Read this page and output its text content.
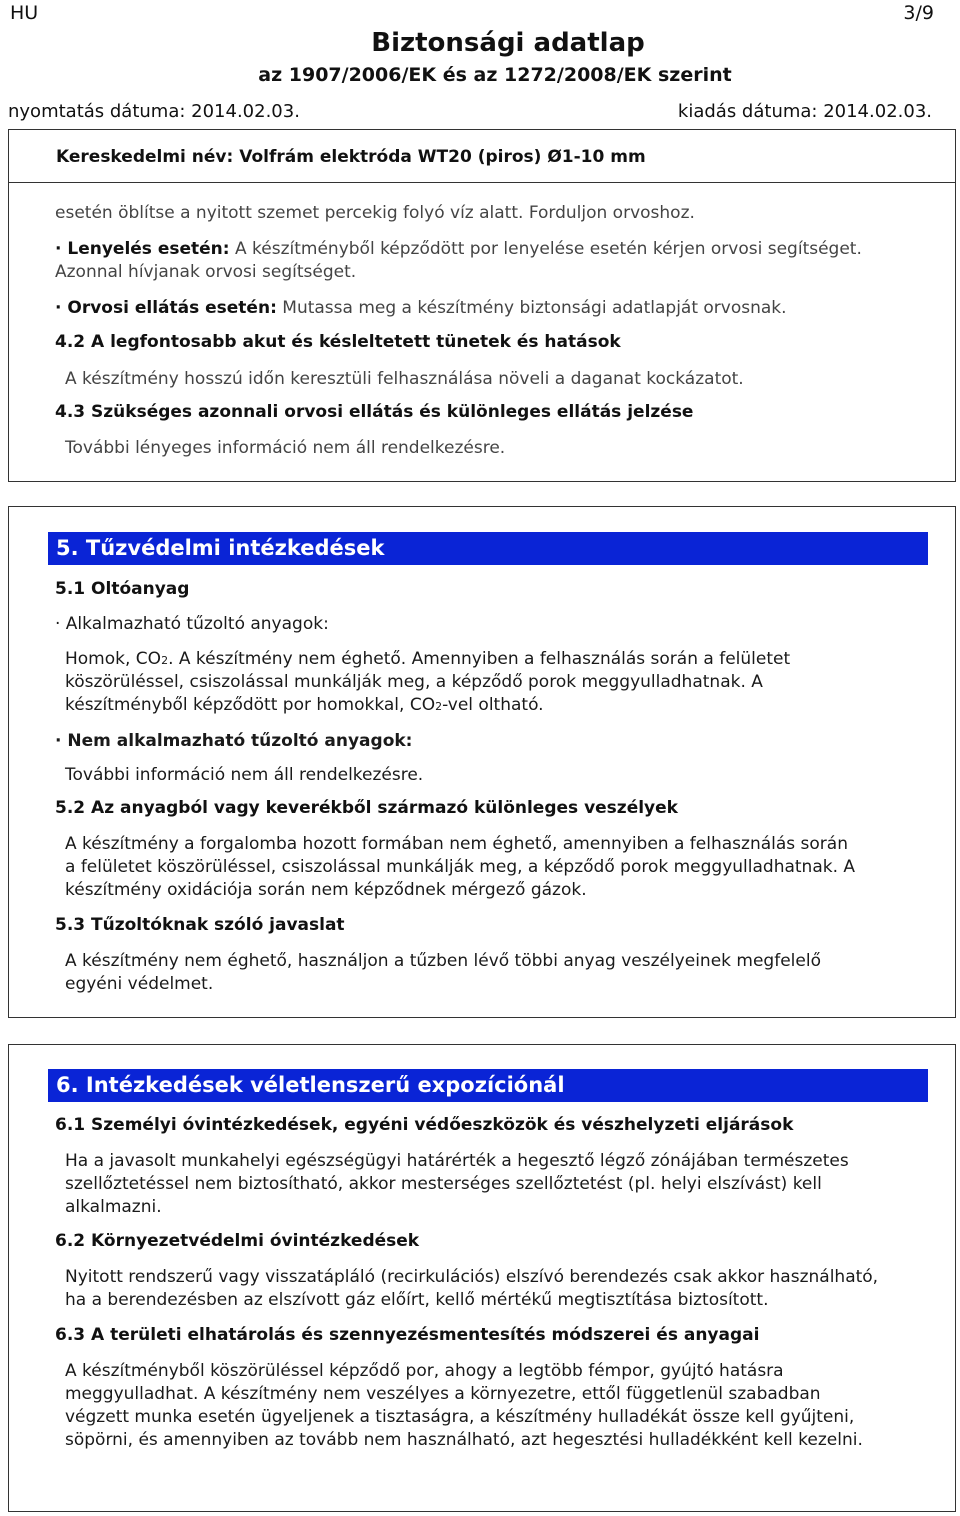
HU	3/9
Biztonsági adatlap
az 1907/2006/EK és az 1272/2008/EK szerint
nyomtatás dátuma: 2014.02.03.	kiadás dátuma: 2014.02.03.
Kereskedelmi név: Volfrám elektróda WT20 (piros) Ø1-10 mm
esetén öblítse a nyitott szemet percekig folyó víz alatt. Forduljon orvoshoz.
· Lenyelés esetén: A készítményből képződött por lenyelése esetén kérjen orvosi segítséget.
Azonnal hívjanak orvosi segítséget.
· Orvosi ellátás esetén: Mutassa meg a készítmény biztonsági adatlapját orvosnak.
4.2 A legfontosabb akut és késleltetett tünetek és hatások
A készítmény hosszú időn keresztüli felhasználása növeli a daganat kockázatot.
4.3 Szükséges azonnali orvosi ellátás és különleges ellátás jelzése
További lényeges információ nem áll rendelkezésre.
5. Tűzvédelmi intézkedések
5.1 Oltóanyag
· Alkalmazható tűzoltó anyagok:
Homok, CO2. A készítmény nem éghető. Amennyiben a felhasználás során a felületet
köszörüléssel, csiszolással munkálják meg, a képződő porok meggyulladhatnak. A
készítményből képződött por homokkal, CO2-vel oltható.
· Nem alkalmazható tűzoltó anyagok:
További információ nem áll rendelkezésre.
5.2 Az anyagból vagy keverékből származó különleges veszélyek
A készítmény a forgalomba hozott formában nem éghető, amennyiben a felhasználás során
a felületet köszörüléssel, csiszolással munkálják meg, a képződő porok meggyulladhatnak. A
készítmény oxidációja során nem képződnek mérgező gázok.
5.3 Tűzoltóknak szóló javaslat
A készítmény nem éghető, használjon a tűzben lévő többi anyag veszélyeinek megfelelő
egyéni védelmet.
6. Intézkedések véletlenszerű expozíciónál
6.1 Személyi óvintézkedések, egyéni védőeszközök és vészhelyzeti eljárások
Ha a javasolt munkahelyi egészségügyi határérték a hegesztő légző zónájában természetes
szellőztetéssel nem biztosítható, akkor mesterséges szellőztetést (pl. helyi elszívást) kell
alkalmazni.
6.2 Környezetvédelmi óvintézkedések
Nyitott rendszerű vagy visszatápláló (recirkulációs) elszívó berendezés csak akkor használható,
ha a berendezésben az elszívott gáz előírt, kellő mértékű megtisztítása biztosított.
6.3 A területi elhatárolás és szennyezésmentesítés módszerei és anyagai
A készítményből köszörüléssel képződő por, ahogy a legtöbb fémpor, gyújtó hatásra
meggyulladhat. A készítmény nem veszélyes a környezetre, ettől függetlenül szabadban
végzett munka esetén ügyeljenek a tisztaságra, a készítmény hulladékát össze kell gyűjteni,
söpörni, és amennyiben az tovább nem használható, azt hegesztési hulladékként kell kezelni.
